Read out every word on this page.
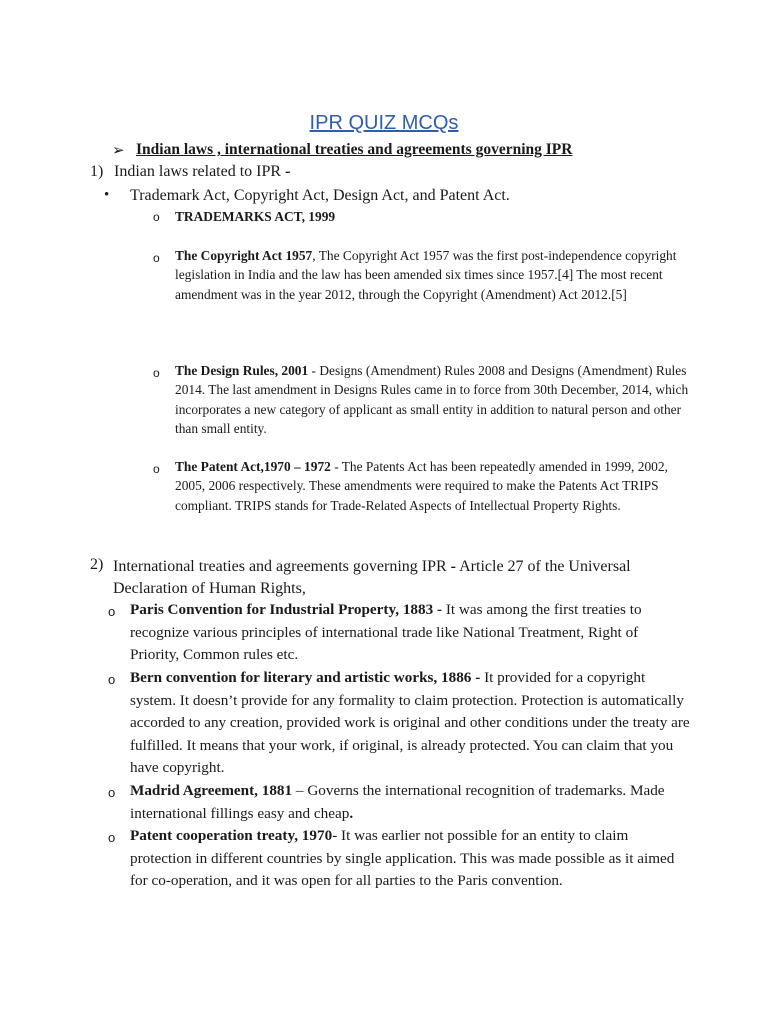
IPR QUIZ MCQs
➢ Indian laws , international treaties and agreements governing IPR
1) Indian laws related to IPR -
• Trademark Act, Copyright Act, Design Act, and Patent Act.
o TRADEMARKS ACT, 1999
o The Copyright Act 1957, The Copyright Act 1957 was the first post-independence copyright legislation in India and the law has been amended six times since 1957.[4] The most recent amendment was in the year 2012, through the Copyright (Amendment) Act 2012.[5]
o The Design Rules, 2001 - Designs (Amendment) Rules 2008 and Designs (Amendment) Rules 2014. The last amendment in Designs Rules came in to force from 30th December, 2014, which incorporates a new category of applicant as small entity in addition to natural person and other than small entity.
o The Patent Act,1970 – 1972 - The Patents Act has been repeatedly amended in 1999, 2002, 2005, 2006 respectively. These amendments were required to make the Patents Act TRIPS compliant. TRIPS stands for Trade-Related Aspects of Intellectual Property Rights.
2) International treaties and agreements governing IPR - Article 27 of the Universal Declaration of Human Rights,
o Paris Convention for Industrial Property, 1883 - It was among the first treaties to recognize various principles of international trade like National Treatment, Right of Priority, Common rules etc.
o Bern convention for literary and artistic works, 1886 - It provided for a copyright system. It doesn’t provide for any formality to claim protection. Protection is automatically accorded to any creation, provided work is original and other conditions under the treaty are fulfilled. It means that your work, if original, is already protected. You can claim that you have copyright.
o Madrid Agreement, 1881 – Governs the international recognition of trademarks. Made international fillings easy and cheap.
o Patent cooperation treaty, 1970- It was earlier not possible for an entity to claim protection in different countries by single application. This was made possible as it aimed for co-operation, and it was open for all parties to the Paris convention.
